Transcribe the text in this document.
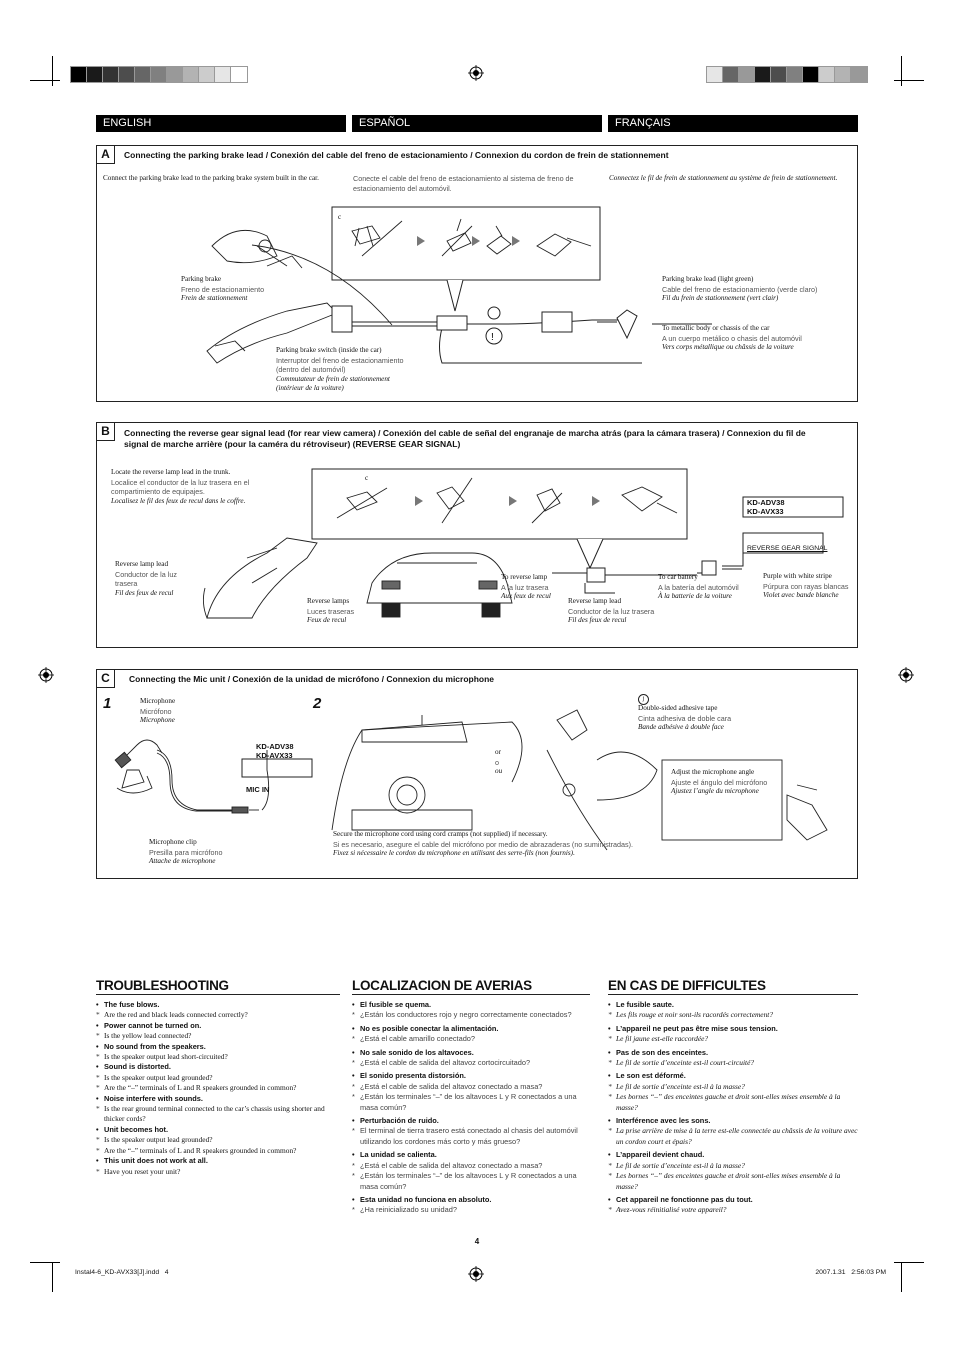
ENGLISH	ESPAÑOL	FRANÇAIS
A	Connecting the parking brake lead / Conexión del cable del freno de estacionamiento / Connexion du cordon de frein de stationnement
Connect the parking brake lead to the parking brake system built in the car.	Conecte el cable del freno de estacionamiento al sistema de freno de estacionamiento del automóvil.
Connectez le fil de frein de stationnement au système de frein de stationnement.
c
!
Parking brake
Freno de estacionamiento
Frein de stationnement
Parking brake switch (inside the car)
Interruptor del freno de estacionamiento
(dentro del automóvil)
Commutateur de frein de stationnement
(intérieur de la voiture)
Parking brake lead (light green)
Cable del freno de estacionamiento (verde claro)
Fil du frein de stationnement (vert clair)
To metallic body or chassis of the car
A un cuerpo metálico o chasis del automóvil
Vers corps métallique ou châssis de la voiture
B	Connecting the reverse gear signal lead (for rear view camera) / Conexión del cable de señal del engranaje de marcha atrás (para la cámara trasera) / Connexion du fil de
signal de marche arrière (pour la caméra du rétroviseur) (REVERSE GEAR SIGNAL)
Locate the reverse lamp lead in the trunk.
Localice el conductor de la luz trasera en el
compartimiento de equipajes.
Localisez le fil des feux de recul dans le coffre.
c
Reverse lamp lead
Conductor de la luz
trasera
Fil des feux de recul
Reverse lamps
Luces traseras
Feux de recul
To reverse lamp
A la luz trasera
Aux feux de recul
Reverse lamp lead
Conductor de la luz trasera
Fil des feux de recul
To car battery
A la batería del automóvil
À la batterie de la voiture
Purple with white stripe
Púrpura con rayas blancas
Violet avec bande blanche
KD-ADV38
KD-AVX33
REVERSE GEAR SIGNAL
C	Connecting the Mic unit / Conexión de la unidad de micrófono / Connexion du microphone
1	2
Microphone
Micrófono
Microphone
KD-ADV38
KD-AVX33
MIC IN
Microphone clip
Presilla para micrófono
Attache de microphone
or
o
ou
j
Double-sided adhesive tape
Cinta adhesiva de doble cara
Bande adhésive à double face
Adjust the microphone angle
Ajuste el ángulo del micrófono
Ajustez l’angle du microphone
Secure the microphone cord using cord cramps (not supplied) if necessary.
Si es necesario, asegure el cable del micrófono por medio de abrazaderas (no suministradas).
Fixez si nécessaire le cordon du microphone en utilisant des serre-fils (non fournis).
TROUBLESHOOTING
• The fuse blows.
* Are the red and black leads connected correctly?
• Power cannot be turned on.
* Is the yellow lead connected?
• No sound from the speakers.
* Is the speaker output lead short-circuited?
• Sound is distorted.
* Is the speaker output lead grounded?
* Are the “–” terminals of L and R speakers grounded in common?
• Noise interfere with sounds.
* Is the rear ground terminal connected to the car’s chassis using shorter and thicker cords?
• Unit becomes hot.
* Is the speaker output lead grounded?
* Are the “–” terminals of L and R speakers grounded in common?
• This unit does not work at all.
* Have you reset your unit?
LOCALIZACION DE AVERIAS
• El fusible se quema.
* ¿Están los conductores rojo y negro correctamente conectados?
• No es posible conectar la alimentación.
* ¿Está el cable amarillo conectado?
• No sale sonido de los altavoces.
* ¿Está el cable de salida del altavoz cortocircuitado?
• El sonido presenta distorsión.
* ¿Está el cable de salida del altavoz conectado a masa?
* ¿Están los terminales “–” de los altavoces L y R conectados a una masa común?
• Perturbación de ruido.
* El terminal de tierra trasero está conectado al chasis del automóvil utilizando los cordones más corto y más grueso?
• La unidad se calienta.
* ¿Está el cable de salida del altavoz conectado a masa?
* ¿Están los terminales “–” de los altavoces L y R conectados a una masa común?
• Esta unidad no funciona en absoluto.
* ¿Ha reinicializado su unidad?
EN CAS DE DIFFICULTES
• Le fusible saute.
* Les fils rouge et noir sont-ils racordés correctement?
• L’appareil ne peut pas être mise sous tension.
* Le fil jaune est-elle raccordée?
• Pas de son des enceintes.
* Le fil de sortie d’enceinte est-il court-circuité?
• Le son est déformé.
* Le fil de sortie d’enceinte est-il à la masse?
* Les bornes “–” des enceintes gauche et droit sont-elles mises ensemble à la masse?
• Interférence avec les sons.
* La prise arrière de mise à la terre est-elle connectée au châssis de la voiture avec un cordon court et épais?
• L’appareil devient chaud.
* Le fil de sortie d’enceinte est-il à la masse?
* Les bornes “–” des enceintes gauche et droit sont-elles mises ensemble à la masse?
• Cet appareil ne fonctionne pas du tout.
* Avez-vous réinitialisé votre appareil?
4
Instal4-6_KD-AVX33[J].indd   4	2007.1.31   2:56:03 PM
